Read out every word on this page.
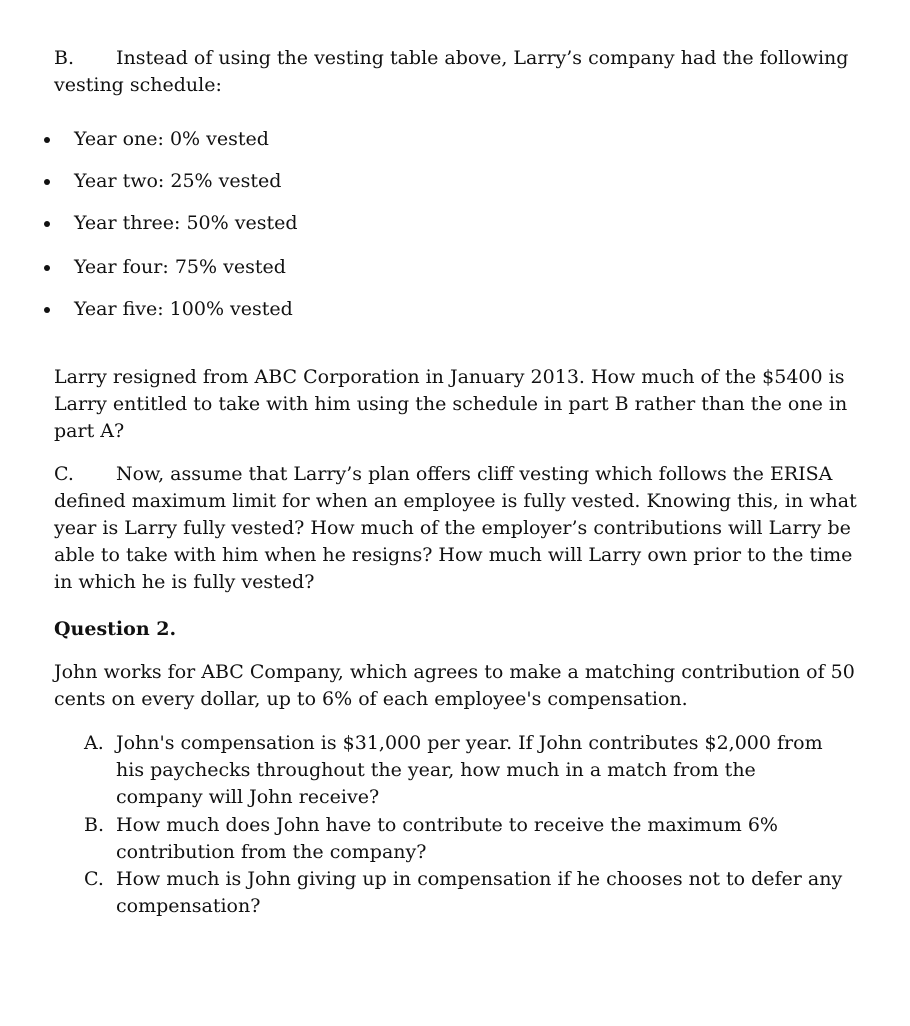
B. Instead of using the vesting table above, Larry’s company had the following vesting schedule:

Year one: 0% vested
Year two: 25% vested
Year three: 50% vested
Year four: 75% vested
Year five: 100% vested

Larry resigned from ABC Corporation in January 2013. How much of the $5400 is Larry entitled to take with him using the schedule in part B rather than the one in part A?

C. Now, assume that Larry’s plan offers cliff vesting which follows the ERISA defined maximum limit for when an employee is fully vested. Knowing this, in what year is Larry fully vested? How much of the employer’s contributions will Larry be able to take with him when he resigns? How much will Larry own prior to the time in which he is fully vested?

Question 2.

John works for ABC Company, which agrees to make a matching contribution of 50 cents on every dollar, up to 6% of each employee's compensation.

A. John's compensation is $31,000 per year. If John contributes $2,000 from his paychecks throughout the year, how much in a match from the company will John receive?
B. How much does John have to contribute to receive the maximum 6% contribution from the company?
C. How much is John giving up in compensation if he chooses not to defer any compensation?
